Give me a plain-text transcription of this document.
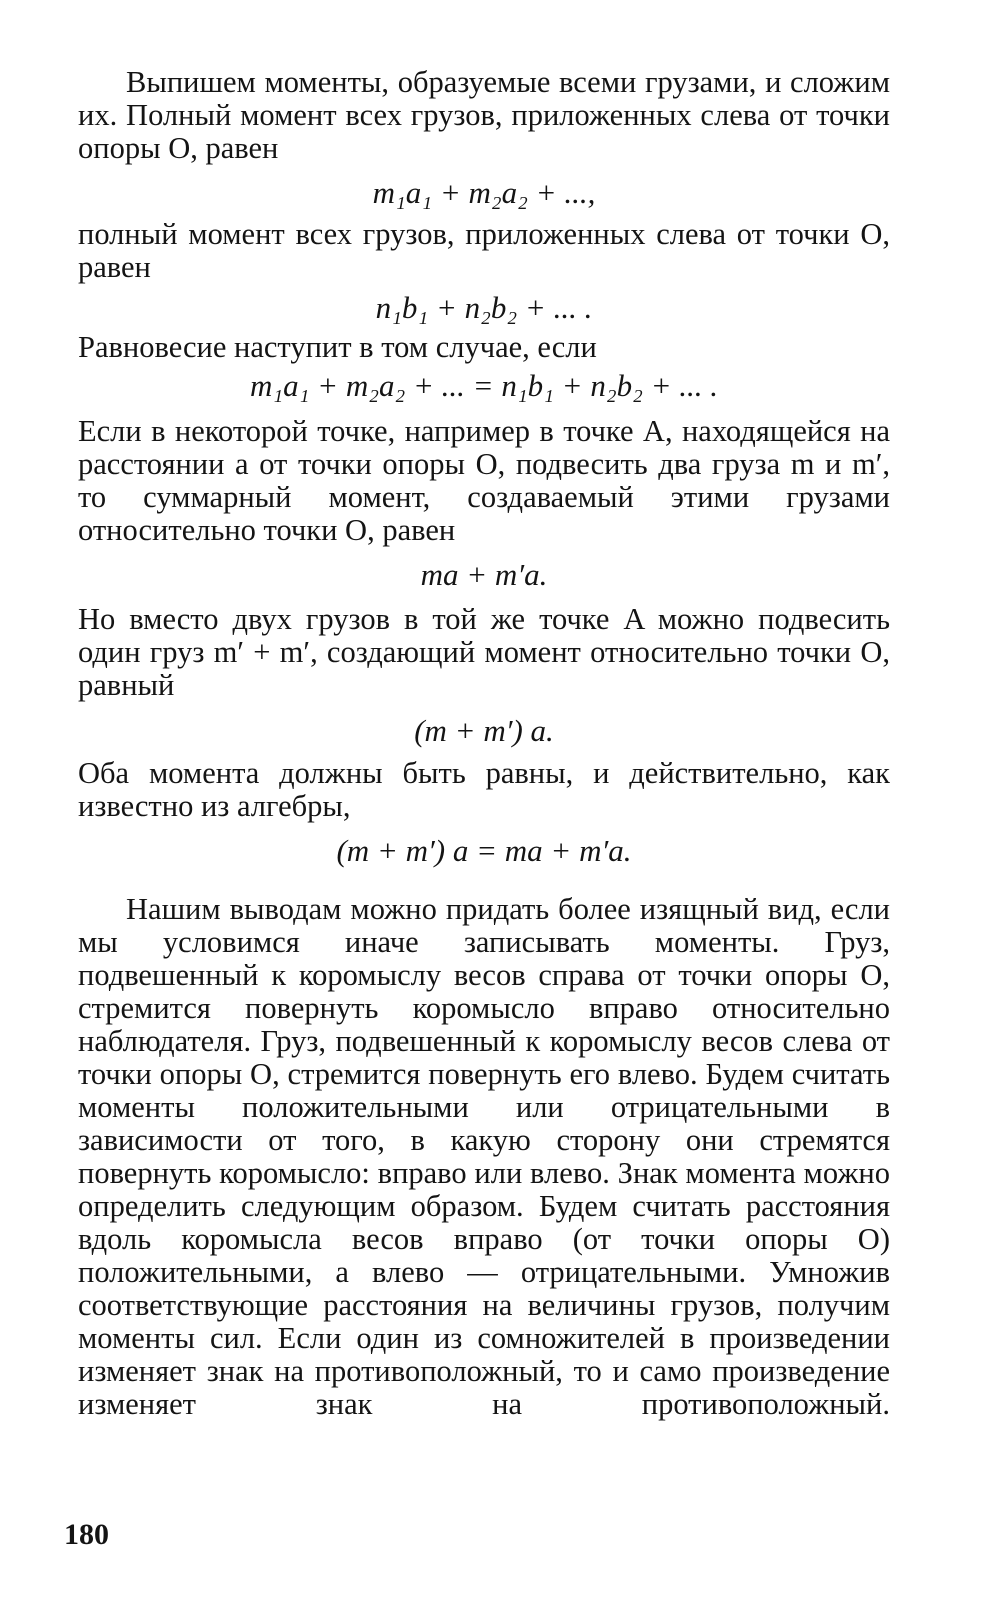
Выпишем моменты, образуемые всеми грузами, и сложим их. Полный момент всех грузов, приложенных слева от точки опоры O, равен

m₁a₁ + m₂a₂ + ...,

полный момент всех грузов, приложенных слева от точки O, равен

n₁b₁ + n₂b₂ + ... .

Равновесие наступит в том случае, если

m₁a₁ + m₂a₂ + ... = n₁b₁ + n₂b₂ + ... .

Если в некоторой точке, например в точке A, находящейся на расстоянии a от точки опоры O, подвесить два груза m и m′, то суммарный момент, создаваемый этими грузами относительно точки O, равен

ma + m′a.

Но вместо двух грузов в той же точке A можно подвесить один груз m′ + m′, создающий момент относительно точки O, равный

(m + m′) a.

Оба момента должны быть равны, и действительно, как известно из алгебры,

(m + m′) a = ma + m′a.

Нашим выводам можно придать более изящный вид, если мы условимся иначе записывать моменты. Груз, подвешенный к коромыслу весов справа от точки опоры O, стремится повернуть коромысло вправо относительно наблюдателя. Груз, подвешенный к коромыслу весов слева от точки опоры O, стремится повернуть его влево. Будем считать моменты положительными или отрицательными в зависимости от того, в какую сторону они стремятся повернуть коромысло: вправо или влево. Знак момента можно определить следующим образом. Будем считать расстояния вдоль коромысла весов вправо (от точки опоры O) положительными, а влево — отрицательными. Умножив соответствующие расстояния на величины грузов, получим моменты сил. Если один из сомножителей в произведении изменяет знак на противоположный, то и само произведение изменяет знак на противоположный.

180
